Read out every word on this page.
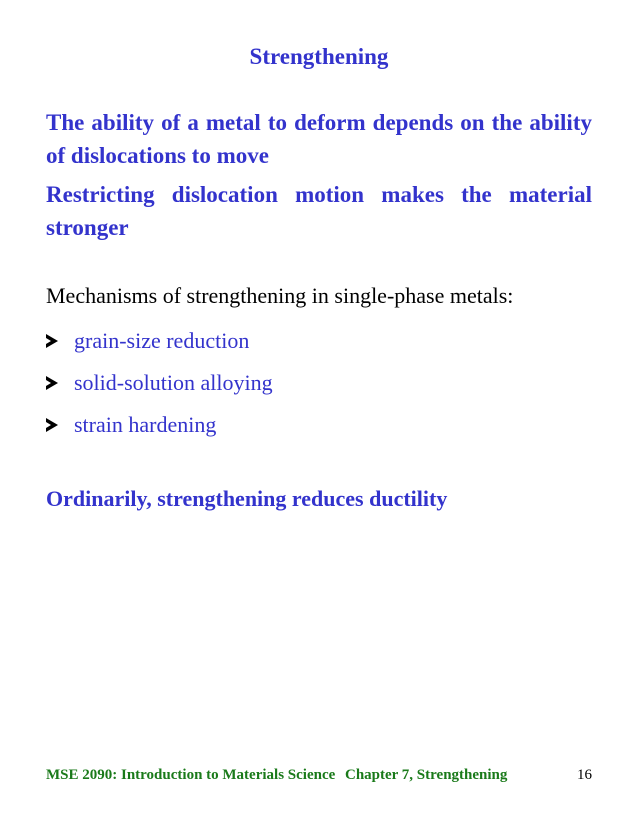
Strengthening

The ability of a metal to deform depends on the ability of dislocations to move

Restricting dislocation motion makes the material stronger

Mechanisms of strengthening in single-phase metals:

grain-size reduction
solid-solution alloying
strain hardening

Ordinarily, strengthening reduces ductility

MSE 2090: Introduction to Materials Science Chapter 7, Strengthening	16
